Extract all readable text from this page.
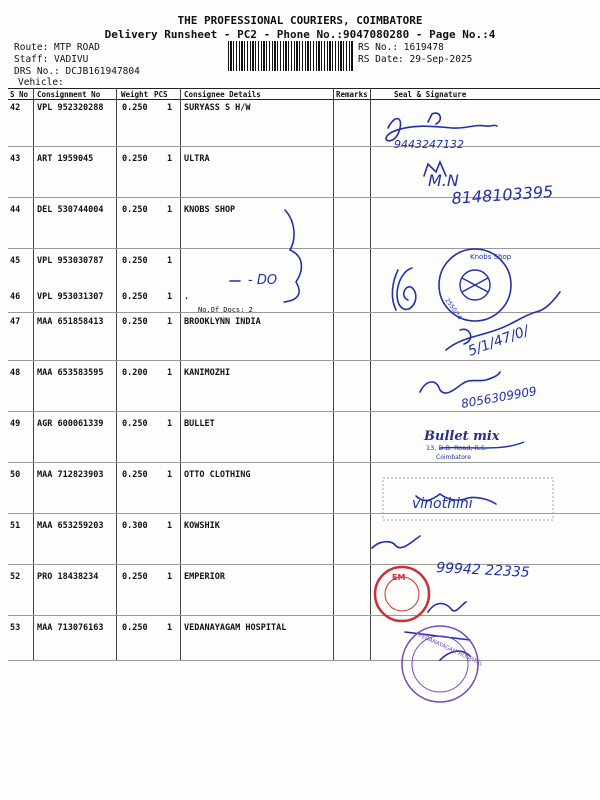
THE PROFESSIONAL COURIERS, COIMBATORE
Delivery Runsheet - PC2 - Phone No.:9047080280 - Page No.:4
Route: MTP ROAD
Staff: VADIVU
DRS No.: DCJB161947804
Vehicle:
RS No.: 1619478
RS Date: 29-Sep-2025
S No Consignment No	Weight PCS Consignee Details	Remarks	Seal & Signature
42 VPL 952320288 0.250 1 SURYASS S H/W
43 ART 1959045	0.250 1 ULTRA
44 DEL 530744004 0.250 1 KNOBS SHOP
45 VPL 953030787 0.250 1
46 VPL 953031307 0.250 1 .
47 MAA 651858413 0.250 1 BROOKLYNN INDIA
48 MAA 653583595 0.200 1 KANIMOZHI
49 AGR 600061339 0.250 1 BULLET
50 MAA 712823903 0.250 1 OTTO CLOTHING
51 MAA 653259203 0.300 1 KOWSHIK
52 PRO 18438234	0.250 1 EMPERIOR
53 MAA 713076163 0.250 1 VEDANAYAGAM HOSPITAL
No.Of Docs: 2
9443247132
M.N
8148103395
- DO
5/1/47/0/
8056309909
vinothini
99942 22335
Knobs Shop
2550/*4
Bullet mix
13, D.B. Road, R.S.
Coimbatore
EM
VEDANAYAGAM HOSPITAL
